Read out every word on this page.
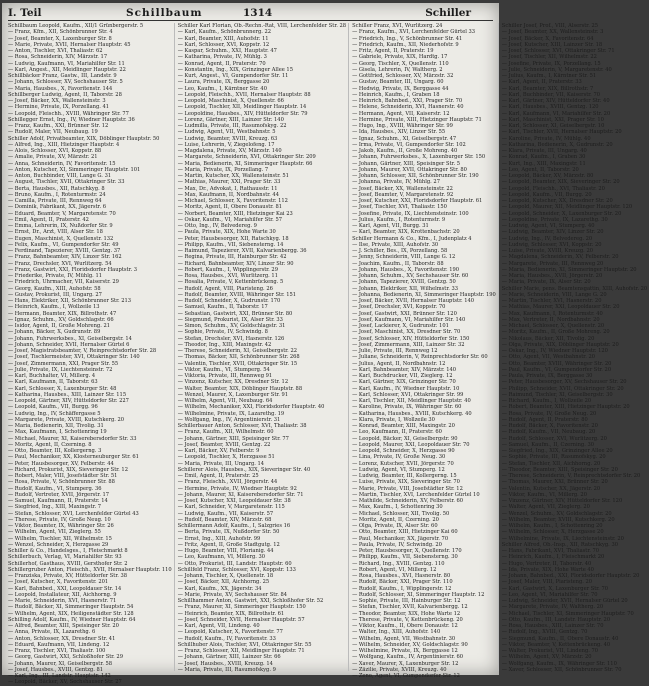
I. Teil	Schillbaum	1314	Schiller
Schillbaum Leopold, Kaufm., XII/1 Grünbergerstr. 5
— Franz, Kfm., XII, Schönbrunner Str. 4
— Josef, Beamter, X, Laxenburger Str. 8
— Marie, Private, XVII, Hernalser Hauptstr. 45
— Anton, Tischler, XVI, Thaliastr. 62
— Rosa, Schneiderin, XIV, Märzstr. 17
— Ludwig, Kaufmann, VI, Mariahilfer Str. 11
— Karl, Angest., XII, Meidlinger Hauptstr. 22
Schillbäcker Franz, Gastw., III, Landstr. 9
— Johann, Schlosser, XV, Sechshauser Str. 5
— Maria, Hausbes., X, Favoritenstr. 144
Schillberger Ludwig, Agent, II, Taborstr. 28
— Josef, Bäcker, XX, Wallensteinstr. 3
— Hermine, Private, IX, Porzellang. 41
— Leopold, Fleischh., XVIII, Währinger Str. 77
Schillegger Ernst, Ing., IV, Wiedner Hauptstr. 36
— Franz, Kaufm., XXI, Brünner Str. 12
— Rudolf, Maler, VII, Neubaug. 19
Schiller Adolf, Privatbeamter, XIX, Döblinger Hauptstr. 50
— Alfred, Ing., XIII, Hietzinger Hauptstr. 4
— Alois, Schlosser, XVI, Koppstr. 88
— Amalie, Private, XV, Märzstr. 21
— Anna, Schneiderin, IV, Favoritenstr. 15
— Anton, Kutscher, XI, Simmeringer Hauptstr. 101
— Anton, Buchbinder, VIII, Lange G. 31
— August, Tischler, XVII, Ottakringer Str. 33
— Berta, Hausbes., XII, Ratschkyg. 8
— Bruno, Kaufm., I, Rotenturmstr. 24
— Camilla, Private, III, Rennweg 64
— Dominik, Fabrikant, XX, Jägerstr. 6
— Eduard, Beamter, V, Margaretenstr. 70
— Emil, Agent, II, Praterstr. 42
— Emma, Lehrerin, IX, Nußdorfer Str. 9
— Ernst, Dr., Arzt, VIII, Alser Str. 18
— Eugen, Maschinist, X, Quellenstr. 132
— Felix, Kaufm., VI, Gumpendorfer Str. 49
— Ferdinand, Tapezierer, XVIII, Gentzg. 37
— Franz, Bahnbeamter, XIV, Linzer Str. 162
— Franz, Drechsler, XVI, Wurlitzerg. 54
— Franz, Gastwirt, XXI, Floridsdorfer Hauptstr. 3
— Friederike, Private, IV, Mühlg. 11
— Friedrich, Uhrmacher, VII, Kaiserstr. 29
— Georg, Kaufm., XIII, Auhofstr. 58
— Gustav, Prokurist, III, Ungarg. 27
— Hans, Elektriker, XII, Schönbrunner Str. 213
— Heinrich, Kaufm., I, Wollzeile 13
— Hermann, Beamter, XIX, Billrothstr. 47
— Ignaz, Schuhm., XV, Goldschlagstr. 66
— Isidor, Agent, II, Große Mohreng. 21
— Johann, Bäcker, X, Gudrunstr. 89
— Johann, Fuhrwerksbes., XI, Geiselbergstr. 14
— Johann, Schneider, XVII, Hernalser Gürtel 6
— Josef, Magistratsbeamter, V, Reinprechtsdorfer Str. 28
— Josef, Tischlermeister, XVI, Ottakringer Str. 140
— Josef, Zimmermann, XXI, Prager Str. 55
— Julie, Private, IX, Liechtensteinstr. 72
— Karl, Buchhalter, VI, Millerg. 4
— Karl, Kaufmann, II, Taborstr. 63
— Karl, Schlosser, X, Laxenburger Str. 48
— Katharina, Hausbes., XIII, Lainzer Str. 115
— Leopold, Gärtner, XIV, Hütteldorfer Str. 227
— Leopold, Kaufm., VII, Burgg. 96
— Ludwig, Ing., IV, Schäffergasse 5
— Margarete, Private, XVIII, Kutschkerg. 20
— Maria, Bedienerin, XII, Tivolig. 31
— Max, Kaufmann, I, Schottenring 19
— Michael, Maurer, XI, Kaiserebersdorfer Str. 33
— Moritz, Agent, II, Czerning. 8
— Otto, Beamter, III, Kollergerng. 3
— Paul, Mechaniker, XX, Klosterneuburger Str. 61
— Peter, Hausbesorger, XV, Felberstr. 44
— Richard, Prokurist, XIX, Sieveringer Str. 12
— Robert, Maler, VIII, Josefstädter Str. 51
— Rosa, Private, V, Schönbrunner Str. 88
— Rudolf, Kaufm., VI, Stumperg. 36
— Rudolf, Vertreter, XVII, Jörgerstr. 17
— Samuel, Kaufmann, II, Praterstr. 14
— Siegfried, Ing., XIII, Maxingstr. 7
— Stefan, Schlosser, XVI, Lerchenfelder Gürtel 43
— Therese, Private, IV, Große Neug. 10
— Viktor, Beamter, IX, Währinger Str. 26
— Wilhelm, Agent, VII, Zieglerg. 55
— Wilhelm, Tischler, XII, Wilhelmstr. 15
— Wenzel, Schneider, X, Herzgasse 29
Schiller & Co., Handelsges., I, Fleischmarkt 8
Schillerbuch, Verlag, VI, Mariahilfer Str. 93
Schillerhof, Gasthaus, XVIII, Gersthofer Str. 2
Schillergruber Anton, Fleischh., XVII, Hernalser Hauptstr. 110
— Franziska, Private, XV, Hütteldorfer Str. 38
— Josef, Kutscher, X, Favoritenstr. 201
— Karl, Bahnbed., XXI, Leopoldauer Str. 14
— Leopold, Installateur, XII, Aichhorng. 9
— Marie, Schneiderin, XVI, Hasnerstr. 71
— Rudolf, Bäcker, XI, Simmeringer Hauptstr. 54
— Wilhelm, Agent, XIX, Heiligenstädter Str. 128
Schilling Adolf, Kaufm., IV, Wiedner Hauptstr. 64
— Alfred, Beamter, XIII, Speisinger Str. 20
— Anna, Private, IX, Lazarethg. 6
— Anton, Schlosser, XX, Dresdner Str. 41
— Eduard, Kaufmann, VII, Lindeng. 12
— Franz, Tischler, XVI, Thaliastr. 100
— Georg, Gastwirt, XXI, Schloßhofer Str. 29
— Johann, Maurer, XI, Geiselbergstr. 58
— Josef, Hausbes., XVIII, Gentzg. 81
— Karl, Ing., III, Landstr. Hauptstr. 142
— Leopold, Bäcker, XV, Sechshauser Str. 27
Schiller Karl Florian, Ob.-Rechn.-Rat, VIII, Lerchenfelder Str. 28
— Karl, Kaufm., Schönbrunnerg. 22
— Karl, Beamter, XIII, Auhofstr. 11
— Karl, Schlosser, XVI, Koppstr. 12
— Kaspar, Schuhm., XXI, Hauptstr. 47
— Katharina, Private, IV, Mühlg. 3
— Konrad, Agent, II, Praterstr. 70
— Konstantin, Ing., XIX, Grinzinger Allee 15
— Kurt, Angest., VI, Gumpendorfer Str. 11
— Laura, Private, IX, Berggasse 20
— Leo, Kaufm., I, Kärntner Str. 40
— Leopold, Fleischh., XVII, Hernalser Hauptstr. 88
— Leopold, Maschinist, X, Quellenstr. 66
— Leopold, Tischler, XII, Meidlinger Hauptstr. 14
— Leopoldine, Hausbes., XIV, Hütteldorfer Str. 79
— Lorenz, Gärtner, XIII, Lainzer Str. 140
— Ludmilla, Private, III, Rasumofskyg. 22
— Ludwig, Agent, VII, Westbahnstr. 5
— Ludwig, Beamter, XVIII, Kreuzg. 63
— Luise, Lehrerin, V, Ziegelofeng. 17
— Magdalena, Private, XV, Märzstr. 140
— Margarete, Schneiderin, XVI, Ottakringer Str. 209
— Maria, Bedienerin, XI, Simmeringer Hauptstr. 66
— Maria, Private, IX, Porzellang. 7
— Martin, Kutscher, XX, Wallensteinstr. 51
— Mathias, Maurer, XXI, Prager Str. 33
— Max, Dr., Advokat, I, Rathausstr. 11
— Max, Kaufmann, II, Nordbahnstr. 44
— Michael, Schlosser, X, Favoritenstr. 112
— Moritz, Agent, II, Obere Donaustr. 81
— Norbert, Beamter, XIII, Hietzinger Kai 23
— Oskar, Kaufm., VI, Mariahilfer Str. 57
— Otto, Ing., IV, Belvedereg. 9
— Paula, Private, XIX, Hohe Warte 30
— Peter, Hausbesorger, XII, Ratschkyg. 18
— Philipp, Kaufm., VII, Siebensterng. 14
— Raimund, Tapezierer, XVII, Kalvarienbergg. 36
— Regina, Private, III, Hainburger Str. 42
— Richard, Bahnbeamter, XIV, Linzer Str. 90
— Robert, Kaufm., I, Wipplingerstr. 29
— Rosa, Hausbes., XVI, Wurlitzerg. 11
— Rosalia, Private, V, Kettenbrückeng. 5
— Rudolf, Agent, VIII, Piaristeng. 26
— Rudolf, Beamter, XVIII, Währinger Str. 151
— Rudolf, Schneider, X, Gudrunstr. 170
— Samuel, Kaufm., II, Taborstr. 17
— Sebastian, Gastwirt, XXI, Brünner Str. 80
— Siegmund, Prokurist, IX, Alser Str. 33
— Simon, Schuhm., XV, Goldschlagstr. 31
— Sophie, Private, IV, Schwindg. 8
— Stefan, Drechsler, XVI, Hasnerstr. 126
— Theodor, Ing., XIII, Maxingstr. 42
— Therese, Schneiderin, XI, Geiselbergstr. 22
— Thomas, Bäcker, XII, Schönbrunner Str. 268
— Valentin, Tischler, XVII, Ottakringer Str. 15
— Viktor, Kaufm., VI, Stumperg. 54
— Viktoria, Private, III, Rennweg 91
— Vinzenz, Kutscher, XX, Dresdner Str. 12
— Walter, Beamter, XIX, Döblinger Hauptstr. 88
— Wenzel, Maurer, X, Laxenburger Str. 91
— Wilhelm, Agent, VII, Neubaug. 64
— Wilhelm, Mechaniker, XXI, Floridsdorfer Hauptstr. 40
— Wilhelmine, Private, IX, Lazarethg. 19
— Wolfgang, Ing., IV, Argentinierstr. 31
Schillerbauer Anton, Schlosser, XVI, Thaliastr. 38
— Franz, Kaufm., XII, Wilhelmstr. 60
— Johann, Gärtner, XIII, Speisinger Str. 77
— Josef, Beamter, XVIII, Gentzg. 22
— Karl, Bäcker, XV, Felberstr. 9
— Leopold, Tischler, X, Herzgasse 51
— Maria, Private, III, Ungarg. 14
Schillerer Alois, Hausbes., XIX, Sieveringer Str. 40
— Emil, Agent, II, Praterstr. 25
— Franz, Fleischh., XVII, Jörgerstr. 44
— Hermine, Private, IV, Wiedner Hauptstr. 92
— Johann, Maurer, XI, Kaiserebersdorfer Str. 71
— Josef, Kutscher, XXI, Leopoldauer Str. 38
— Karl, Schneider, V, Margaretenstr. 115
— Ludwig, Kaufm., VII, Kaiserstr. 57
— Rudolf, Beamter, XIV, Märzstr. 68
Schillermann Adolf, Kaufm., I, Salzgries 16
— Berta, Private, IX, Nußdorfer Str. 50
— Ernst, Ing., XIII, Auhofstr. 99
— Fritz, Agent, II, Große Stadtgutg. 12
— Hugo, Beamter, VIII, Florianig. 44
— Leo, Kaufmann, VI, Millerg. 30
— Otto, Prokurist, III, Landstr. Hauptstr. 60
Schillfeld Franz, Schlosser, XVI, Koppstr. 133
— Johann, Tischler, X, Quellenstr. 18
— Josef, Bäcker, XII, Aichhorng. 25
— Karl, Kaufm., XX, Jägerstr. 34
— Marie, Private, XV, Sechshauser Str. 84
Schillhammer Anton, Gastwirt, XXI, Schloßhofer Str. 52
— Franz, Maurer, XI, Simmeringer Hauptstr. 150
— Heinrich, Beamter, XIX, Billrothstr. 61
— Josef, Schneider, XVII, Hernalser Hauptstr. 57
— Karl, Agent, VII, Lindeng. 40
— Leopold, Kutscher, X, Favoritenstr. 77
— Rudolf, Kaufm., IV, Favoritenstr. 33
Schillhuber Alois, Tischler, XVI, Ottakringer Str. 55
— Franz, Schlosser, XII, Meidlinger Hauptstr. 71
— Johann, Gärtner, XIII, Lainzer Str. 66
— Josef, Hausbes., XVIII, Kreuzg. 14
— Maria, Private, III, Rasumofskyg. 9
Schiller Franz, XVI, Wurlitzerg. 24
— Franz, Kaufm., XVI, Lerchenfelder Gürtel 33
— Friedrich, Ing., V, Schönbrunner Str. 41
— Friedrich, Kaufm., XII, Niederhofstr. 9
— Fritz, Agent, II, Praterstr. 19
— Gabriele, Private, XIX, Hardtg. 17
— Georg, Tischler, X, Quellenstr. 110
— Gisela, Lehrerin, IV, Waltherg. 2
— Gottfried, Schlosser, XV, Märzstr. 32
— Gustav, Beamter, III, Ungarg. 60
— Hedwig, Private, IX, Berggasse 44
— Heinrich, Kaufm., I, Graben 18
— Heinrich, Bahnbed., XXI, Prager Str. 70
— Helene, Schneiderin, XVI, Hasnerstr. 40
— Hermann, Agent, VII, Kaiserstr. 12
— Hermine, Private, XIII, Hietzinger Hauptstr. 71
— Hugo, Ing., XVIII, Währinger Str. 99
— Ida, Hausbes., XIV, Linzer Str. 55
— Ignaz, Schuhm., XI, Geiselbergstr. 47
— Irma, Private, VI, Gumpendorfer Str. 102
— Jakob, Kaufm., II, Große Mohreng. 40
— Johann, Fuhrwerksbes., X, Laxenburger Str. 150
— Johann, Gärtner, XIII, Speisinger Str. 5
— Johann, Maurer, XVII, Ottakringer Str. 80
— Johann, Schlosser, XII, Schönbrunner Str. 190
— Johanna, Private, IV, Mühlg. 27
— Josef, Bäcker, XX, Wallensteinstr. 22
— Josef, Beamter, V, Margaretenstr. 92
— Josef, Kutscher, XXI, Floridsdorfer Hauptstr. 61
— Josef, Tischler, XVI, Thaliastr. 150
— Josefine, Private, IX, Liechtensteinstr. 100
— Julius, Kaufm., I, Rotenturmstr. 9
— Karl, Agent, VII, Burgg. 31
— Karl, Beamter, XIX, Krottenbachstr. 20
Schiller Hermann & Co., Kfm., I, Judenplatz 4
— Ilse, Private, XIII, Auhofstr. 30
— J. Schiller, Bes., IX, Porzellang. 58
— Jenny, Schneiderin, VIII, Lange G. 12
— Joachim, Kaufm., II, Taborstr. 88
— Johann, Hausbes., X, Favoritenstr. 190
— Johann, Schuhm., XV, Sechshauser Str. 60
— Johann, Tapezierer, XVIII, Gentzg. 50
— Johann, Elektriker, XII, Wilhelmstr. 33
— Johanna, Bedienerin, XI, Simmeringer Hauptstr. 190
— Josef, Bäcker, XVII, Hernalser Hauptstr. 140
— Josef, Drechsler, XVI, Koppstr. 70
— Josef, Gastwirt, XXI, Brünner Str. 120
— Josef, Kaufmann, VI, Mariahilfer Str. 140
— Josef, Lackierer, X, Gudrunstr. 101
— Josef, Maschinist, XX, Dresdner Str. 70
— Josef, Schlosser, XIV, Hütteldorfer Str. 150
— Josef, Zimmermann, XIII, Lainzer Str. 32
— Julie, Private, III, Rennweg 12
— Juliane, Schneiderin, V, Reinprechtsdorfer Str. 60
— Julius, Agent, II, Nordbahnstr. 12
— Karl, Bahnbeamter, XIV, Märzstr. 140
— Karl, Buchdrucker, VII, Zieglerg. 12
— Karl, Gärtner, XIX, Grinzinger Str. 70
— Karl, Kaufm., IV, Wiedner Hauptstr. 10
— Karl, Schlosser, XVI, Ottakringer Str. 99
— Karl, Tischler, XII, Meidlinger Hauptstr. 40
— Karoline, Private, IX, Währinger Str. 60
— Katharina, Hausbes., XVIII, Kutschkerg. 40
— Klara, Private, I, Wollzeile 30
— Konrad, Beamter, XIII, Maxingstr. 20
— Leo, Kaufmann, II, Praterstr. 60
— Leopold, Bäcker, XI, Geiselbergstr. 90
— Leopold, Maurer, XXI, Leopoldauer Str. 70
— Leopold, Schneider, X, Herzgasse 90
— Lina, Private, IV, Große Neug. 30
— Lorenz, Kutscher, XVII, Jörgerstr. 70
— Ludwig, Agent, VI, Stumperg. 12
— Ludwig, Beamter, III, Kollergerng. 15
— Luise, Private, XIX, Sieveringer Str. 70
— Marie, Private, VIII, Josefstädter Str. 12
— Martin, Tischler, XVI, Lerchenfelder Gürtel 10
— Mathilde, Schneiderin, XV, Felberstr. 60
— Max, Kaufm., I, Schottenring 30
— Michael, Schlosser, XII, Tivolig. 50
— Moritz, Agent, II, Czerning. 20
— Olga, Private, IX, Alser Str. 60
— Otto, Beamter, XIII, Hietzinger Kai 60
— Paul, Mechaniker, XX, Jägerstr. 70
— Paula, Private, IV, Schwindg. 20
— Peter, Hausbesorger, X, Quellenstr. 170
— Philipp, Kaufm., VII, Siebensterng. 30
— Richard, Ing., XVIII, Gentzg. 110
— Robert, Agent, VI, Millerg. 12
— Rosa, Hausbes., XVI, Hasnerstr. 80
— Rudolf, Bäcker, XXI, Prager Str. 110
— Rudolf, Kaufm., I, Wipplingerstr. 12
— Rudolf, Schlosser, XI, Simmeringer Hauptstr. 12
— Sophie, Private, III, Hainburger Str. 12
— Stefan, Tischler, XVII, Kalvarienbergg. 12
— Theodor, Beamter, XIX, Hohe Warte 12
— Therese, Private, V, Kettenbrückeng. 20
— Viktor, Kaufm., II, Obere Donaustr. 12
— Walter, Ing., XIII, Auhofstr. 140
— Wilhelm, Agent, VII, Westbahnstr. 30
— Wilhelm, Schneider, XV, Goldschlagstr. 90
— Wilhelmine, Private, IX, Berggasse 12
— Wolfgang, Kaufm., IV, Argentinierstr. 60
— Xaver, Maurer, X, Laxenburger Str. 12
— Zäzilie, Private, XVIII, Kreuzg. 40
— Zeno, Agent, VI, Gumpendorfer Str. 12
Schiller Josef, Prof., VIII, Alserstr. 25
— Josef, Beamter, XX, Wallensteinstr. 3
— Josef, Bäcker, X, Favoritenstr. 64
— Josef, Kutscher, XIII, Lainzer Str. 18
— Josef, Schlosser, XVI, Ottakringer Str. 71
— Josef, Tischler, XII, Wilhelmstr. 22
— Josefine, Private, IX, Porzellang. 15
— Julie, Schneiderin, V, Margaretenstr. 40
— Julius, Kaufm., I, Kärntner Str. 51
— Karl, Agent, II, Praterstr. 33
— Karl, Beamter, XIX, Billrothstr. 7
— Karl, Buchbinder, VII, Kaiserstr. 70
— Karl, Gärtner, XIV, Hütteldorfer Str. 40
— Karl, Hausbes., XVIII, Gentzg. 120
— Karl, Kaufmann, VI, Mariahilfer Str. 20
— Karl, Maschinist, XXI, Prager Str. 10
— Karl, Schlosser, XI, Geiselbergstr. 10
— Karl, Tischler, XVII, Hernalser Hauptstr. 20
— Karoline, Private, IV, Mühlg. 40
— Katharina, Bedienerin, X, Gudrunstr. 20
— Klara, Private, III, Ungarg. 40
— Konrad, Kaufm., I, Graben 30
— Kurt, Ing., XIII, Maxingstr. 11
— Leo, Agent, II, Taborstr. 20
— Leopold, Bäcker, XV, Märzstr. 80
— Leopold, Beamter, XIX, Sieveringer Str. 20
— Leopold, Fleischh., XVI, Thaliastr. 20
— Leopold, Kaufm., VII, Burgg. 20
— Leopold, Kutscher, XX, Dresdner Str. 20
— Leopold, Maurer, XII, Meidlinger Hauptstr. 120
— Leopold, Schneider, X, Laxenburger Str. 20
— Leopoldine, Private, IX, Lazarethg. 30
— Ludwig, Agent, VI, Stumperg. 40
— Ludwig, Beamter, XIV, Linzer Str. 20
— Ludwig, Ing., IV, Belvedereg. 20
— Ludwig, Schlosser, XVI, Koppstr. 20
— Luise, Private, XVIII, Kreuzg. 20
— Magdalena, Schneiderin, XV, Felberstr. 20
— Margarete, Private, III, Rennweg 20
— Maria, Bedienerin, XI, Simmeringer Hauptstr. 20
— Maria, Hausbes., XVII, Jörgerstr. 20
— Maria, Private, IX, Alser Str. 20
Schiller Marie, pens. Beamtensgattin, XIII, Auhofstr. 20
— Marie, Schneiderin, VIII, Lange G. 20
— Martin, Tischler, XVI, Hasnerstr. 20
— Mathias, Maurer, XXI, Leopoldauer Str. 20
— Max, Kaufmann, I, Rotenturmstr. 40
— Max, Vertreter, II, Nordbahnstr. 20
— Michael, Schlosser, X, Quellenstr. 20
— Moritz, Kaufm., II, Große Mohreng. 20
— Nikolaus, Bäcker, XII, Tivolig. 20
— Olga, Private, XIX, Döblinger Hauptstr. 20
— Oskar, Ing., IV, Wiedner Hauptstr. 120
— Otto, Agent, VII, Westbahnstr. 20
— Otto, Beamter, XVIII, Währinger Str. 20
— Paul, Kaufm., VI, Gumpendorfer Str. 20
— Paula, Private, IX, Berggasse 30
— Peter, Hausbesorger, XV, Sechshauser Str. 20
— Philipp, Schneider, XVII, Ottakringer Str. 20
— Raimund, Tischler, XI, Geiselbergstr. 30
— Richard, Kaufm., I, Wollzeile 20
— Robert, Beamter, XIII, Hietzinger Hauptstr. 20
— Rosa, Private, IV, Große Neug. 20
— Rudolf, Agent, II, Praterstr. 80
— Rudolf, Bäcker, X, Favoritenstr. 20
— Rudolf, Kaufm., VII, Neubaug. 20
— Rudolf, Schlosser, XVI, Wurlitzerg. 20
— Samuel, Kaufm., II, Czerning. 30
— Siegfried, Ing., XIX, Grinzinger Allee 20
— Sophie, Private, III, Rasumofskyg. 20
— Stefan, Tischler, XII, Aichhorng. 20
— Theodor, Beamter, XIII, Speisinger Str. 20
— Therese, Schneiderin, V, Reinprechtsdorfer Str. 20
— Thomas, Maurer, XXI, Brünner Str. 20
— Valentin, Kutscher, XX, Jägerstr. 20
— Viktor, Kaufm., VI, Millerg. 20
— Vinzenz, Gärtner, XIV, Hütteldorfer Str. 120
— Walter, Agent, VII, Zieglerg. 20
— Wenzel, Schuhm., XV, Goldschlagstr. 20
— Wilhelm, Beamter, XVIII, Kutschkerg. 20
— Wilhelm, Kaufm., I, Schottenring 20
— Wilhelm, Schlosser, X, Herzgasse 20
— Wilhelmine, Private, IX, Liechtensteinstr. 20
Schiller Alfred, Ob.-Insp., XII, Ratschkyg. 30
— Hans, Fabrikant, XVI, Thaliastr. 70
— Heinrich, Kaufm., I, Fleischmarkt 20
— Hugo, Vertreter, II, Taborstr. 40
— Ida, Private, XIX, Hohe Warte 40
— Johann, Bahnbed., XXI, Floridsdorfer Hauptstr. 20
— Josef, Maler, VIII, Piaristeng. 20
— Karl, Gastwirt, X, Laxenburger Str. 70
— Leo, Agent, VI, Mariahilfer Str. 70
— Ludwig, Schneider, XVII, Hernalser Gürtel 20
— Margarete, Private, IV, Waltherg. 20
— Michael, Tischler, XI, Simmeringer Hauptstr. 70
— Otto, Kaufm., III, Landstr. Hauptstr. 20
— Rosa, Hausbes., XIII, Lainzer Str. 70
— Rudolf, Ing., XVIII, Gentzg. 70
— Siegmund, Kaufm., II, Obere Donaustr. 40
— Viktor, Beamter, V, Kettenbrückeng. 40
— Walter, Prokurist, VII, Lindeng. 70
— Wilhelm, Agent, XV, Märzstr. 20
— Wolfgang, Kaufm., IX, Währinger Str. 110
— Xaver, Schlosser, XII, Schönbrunner Str. 70
